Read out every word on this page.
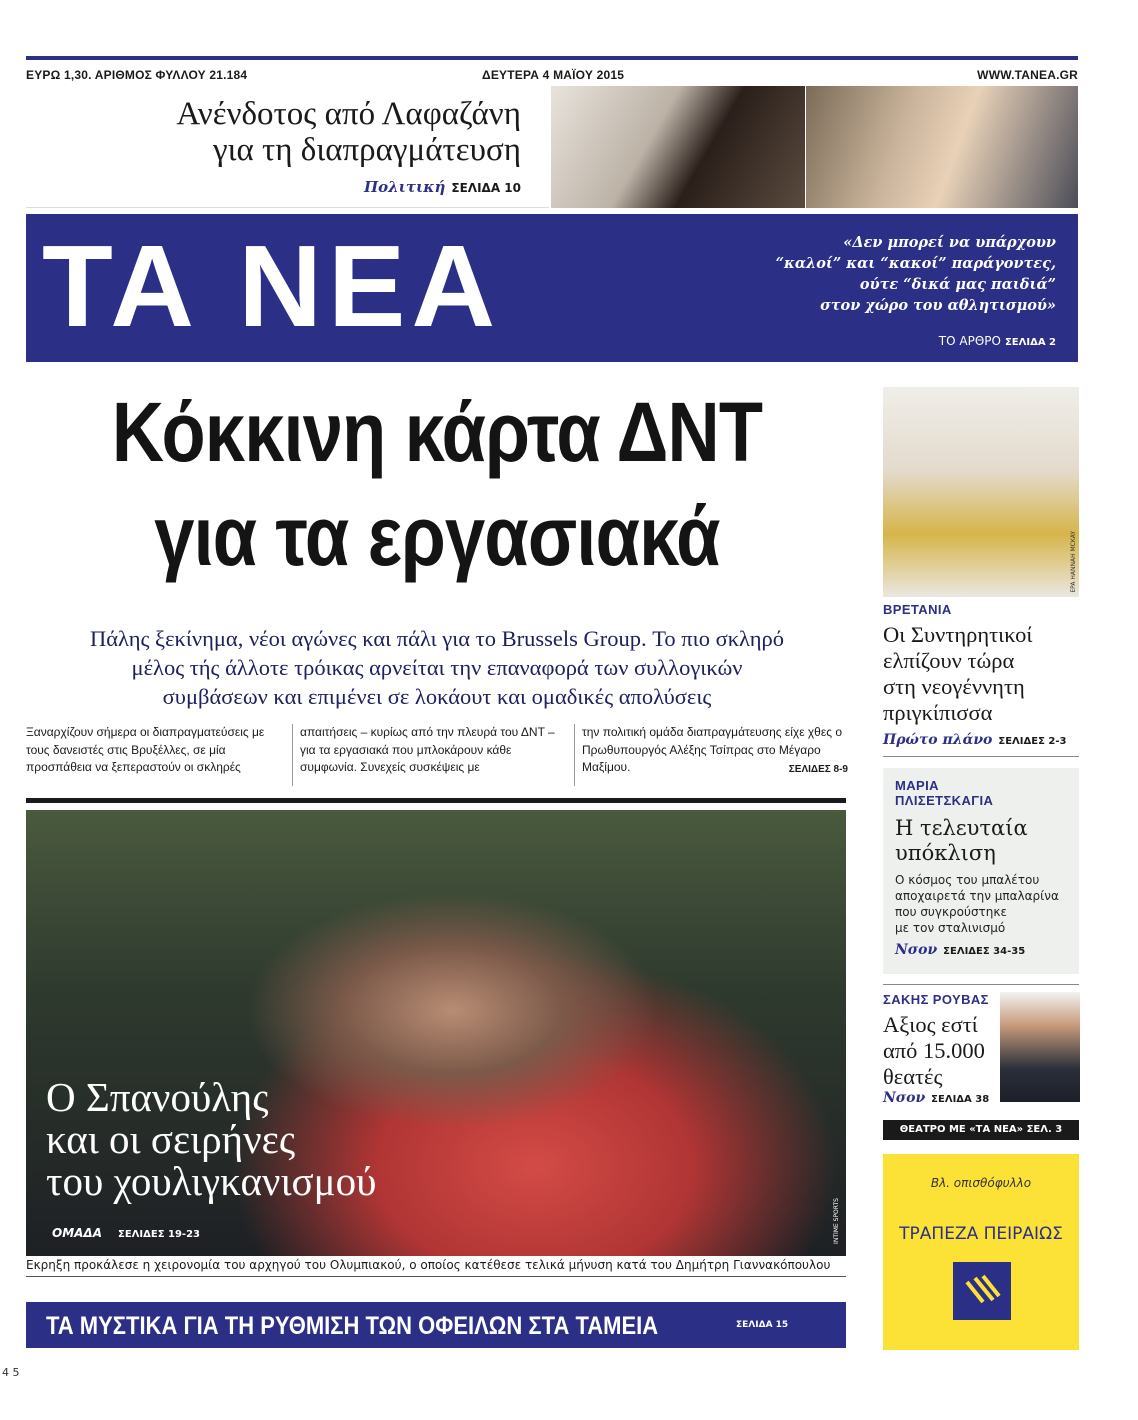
ΕΥΡΩ 1,30. ΑΡΙΘΜΟΣ ΦΥΛΛΟΥ 21.184	ΔΕΥΤΕΡΑ 4 ΜΑΪΟΥ 2015	WWW.TANEA.GR
Ανένδοτος από Λαφαζάνη
για τη διαπραγμάτευση
Πολιτική ΣΕΛΙΔΑ 10
ΤΑ ΝΕΑ	«Δεν μπορεί να υπάρχουν
“καλοί” και “κακοί” παράγοντες,
ούτε “δικά μας παιδιά”
στον χώρο του αθλητισμού»
ΤΟ ΑΡΘΡΟ ΣΕΛΙΔΑ 2
Κόκκινη κάρτα ΔΝΤ
για τα εργασιακά
Πάλης ξεκίνημα, νέοι αγώνες και πάλι για το Brussels Group. Το πιο σκληρό
μέλος τής άλλοτε τρόικας αρνείται την επαναφορά των συλλογικών
συμβάσεων και επιμένει σε λοκάουτ και ομαδικές απολύσεις
Ξαναρχίζουν σήμερα οι διαπραγματεύσεις με τους δανειστές στις Βρυξέλλες, σε μία προσπάθεια να ξεπεραστούν οι σκληρές
απαιτήσεις – κυρίως από την πλευρά του ΔΝΤ – για τα εργασιακά που μπλοκάρουν κάθε συμφωνία. Συνεχείς συσκέψεις με
την πολιτική ομάδα διαπραγμάτευσης είχε χθες ο Πρωθυπουργός Αλέξης Τσίπρας στο Μέγαρο Μαξίμου.	ΣΕΛΙΔΕΣ 8-9
Ο Σπανούλης
και οι σειρήνες
του χουλιγκανισμού
ΟΜΑΔΑ ΣΕΛΙΔΕΣ 19-23	INTIME SPORTS
Εκρηξη προκάλεσε η χειρονομία του αρχηγού του Ολυμπιακού, ο οποίος κατέθεσε τελικά μήνυση κατά του Δημήτρη Γιαννακόπουλου
ΤΑ ΜΥΣΤΙΚΑ ΓΙΑ ΤΗ ΡΥΘΜΙΣΗ ΤΩΝ ΟΦΕΙΛΩΝ ΣΤΑ ΤΑΜΕΙΑ	ΣΕΛΙΔΑ 15
EPA HANNAH MCKAY
ΒΡΕΤΑΝΙΑ
Οι Συντηρητικοί
ελπίζουν τώρα
στη νεογέννητη
πριγκίπισσα
Πρώτο πλάνο ΣΕΛΙΔΕΣ 2-3
ΜΑΡΙΑ
ΠΛΙΣΕΤΣΚΑΓΙΑ
Η τελευταία
υπόκλιση
Ο κόσμος του μπαλέτου
αποχαιρετά την μπαλαρίνα
που συγκρούστηκε
με τον σταλινισμό
Νσον ΣΕΛΙΔΕΣ 34-35
ΣΑΚΗΣ ΡΟΥΒΑΣ
Αξιος εστί
από 15.000
θεατές
Νσον ΣΕΛΙΔΑ 38
ΘΕΑΤΡΟ ΜΕ «ΤΑ ΝΕΑ» ΣΕΛ. 3
Βλ. οπισθόφυλλο
ΤΡΑΠΕΖΑ ΠΕΙΡΑΙΩΣ
4 5
